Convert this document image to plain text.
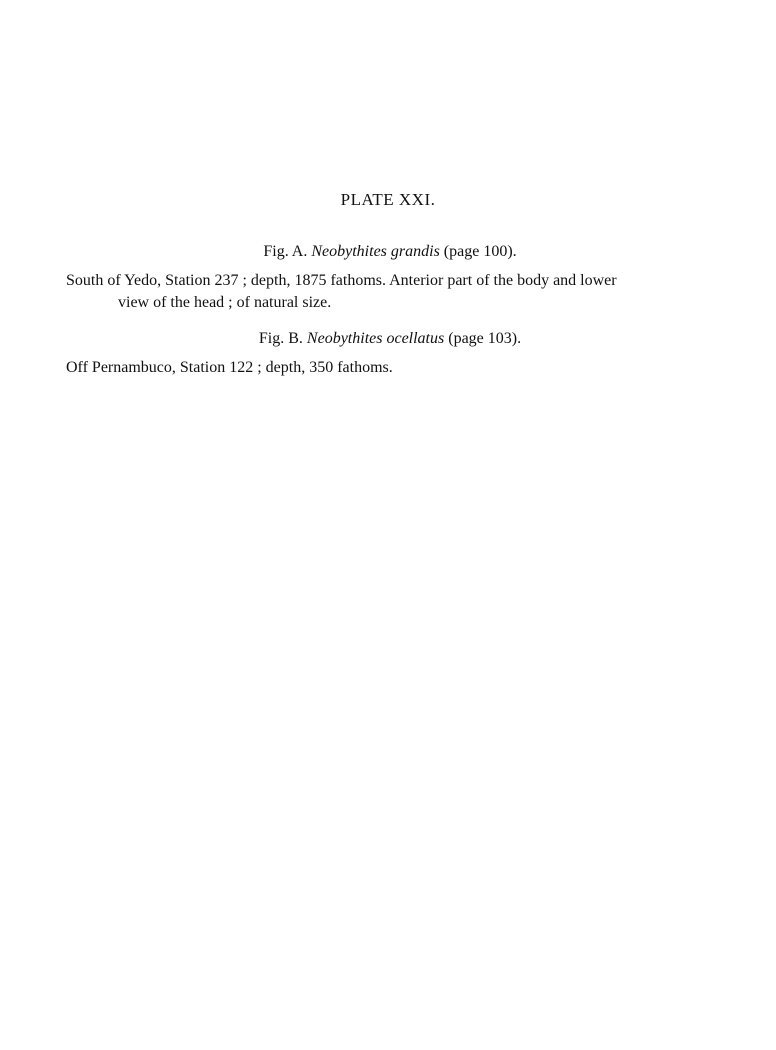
PLATE XXI.
Fig. A. Neobythites grandis (page 100).
South of Yedo, Station 237 ; depth, 1875 fathoms. Anterior part of the body and lower
view of the head ; of natural size.
Fig. B. Neobythites ocellatus (page 103).
Off Pernambuco, Station 122 ; depth, 350 fathoms.
